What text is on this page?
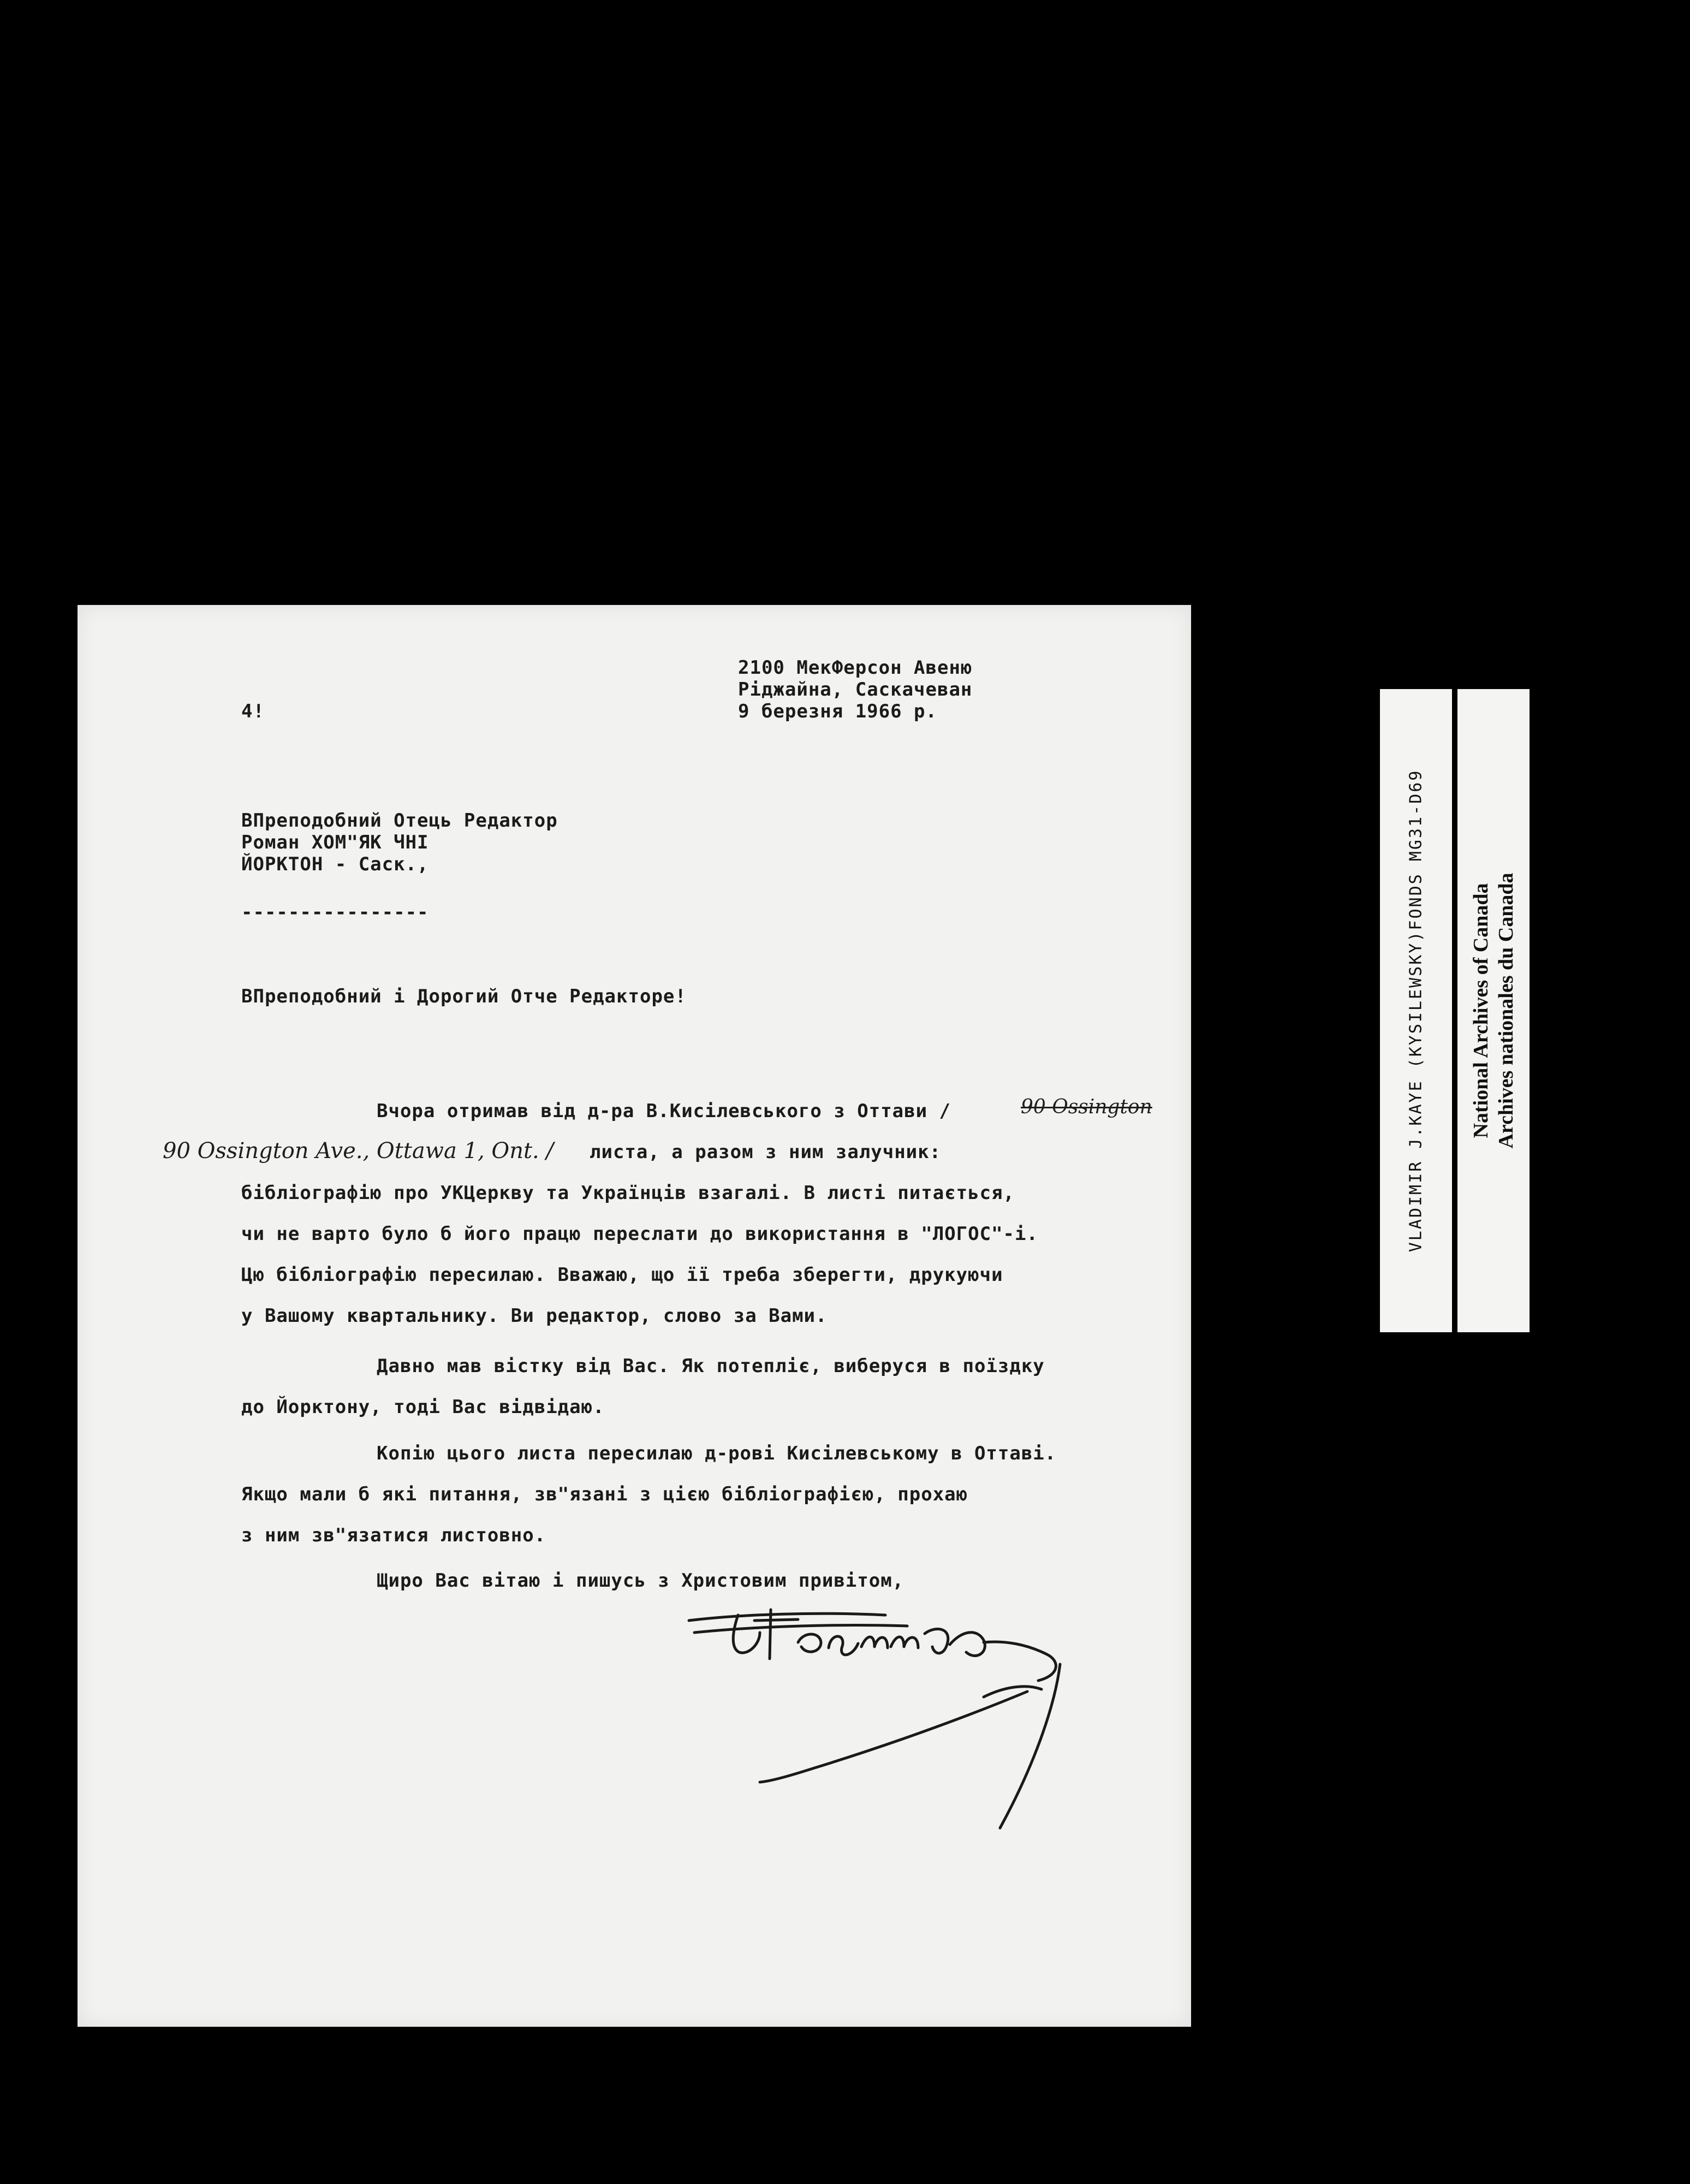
2100 МекФерсон Авеню
Ріджайна, Саскачеван
9 березня 1966 р.
4!
ВПреподобний Отець Редактор
Роман ХОМ"ЯК ЧНІ
ЙОРКТОН - Саск.,
----------------
ВПреподобний і Дорогий Отче Редакторе!
Вчора отримав від д-ра В.Кисілевського з Оттави /	90 Ossington
90 Ossington Ave., Ottawa 1, Ont. / листа, а разом з ним залучник:
бібліографію про УКЦеркву та Українців взагалі. В листі питається,
чи не варто було б його працю переслати до використання в "ЛОГОС"-і.
Цю бібліографію пересилаю. Вважаю, що її треба зберегти, друкуючи
у Вашому квартальнику. Ви редактор, слово за Вами.
Давно мав вістку від Вас. Як потепліє, виберуся в поїздку
до Йорктону, тоді Вас відвідаю.
Копію цього листа пересилаю д-рові Кисілевському в Оттаві.
Якщо мали б які питання, зв"язані з цією бібліографією, прохаю
з ним зв"язатися листовно.
Щиро Вас вітаю і пишусь з Христовим привітом,
VLADIMIR J.KAYE (KYSILEWSKY)FONDS MG31-D69 National Archives of Canada Archives nationales du Canada
